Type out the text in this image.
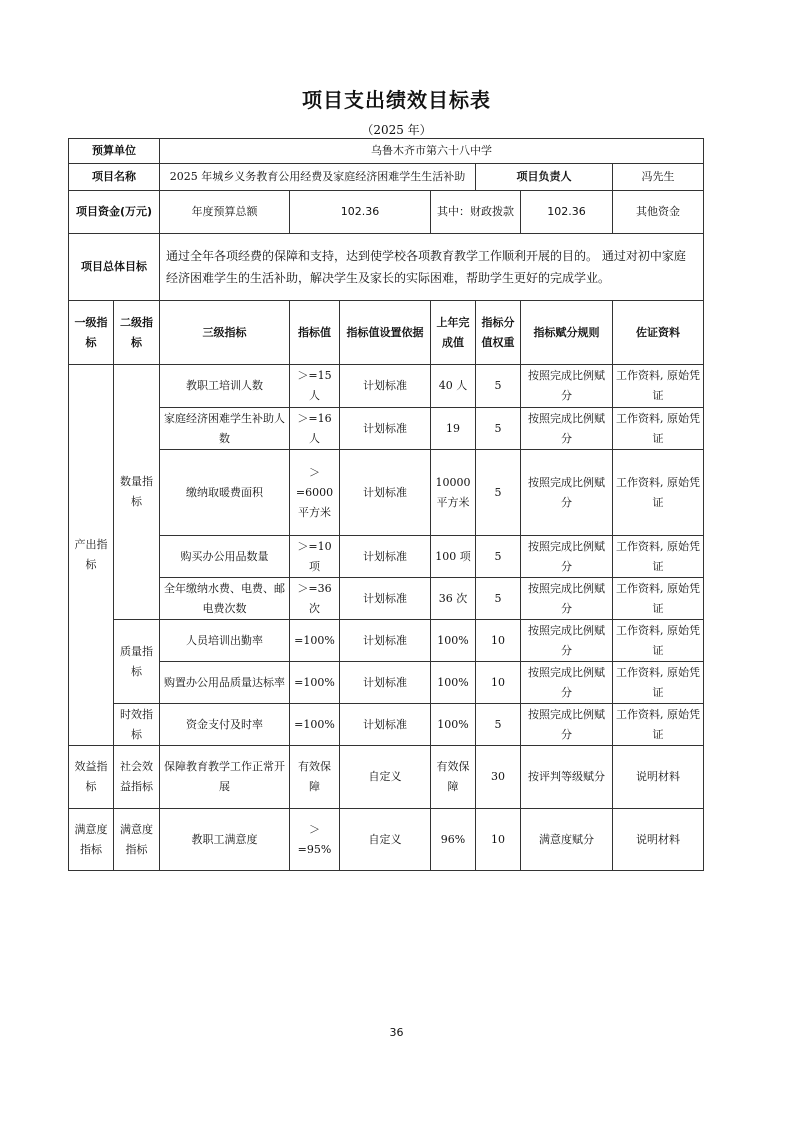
项目支出绩效目标表
（2025 年）
预算单位		乌鲁木齐市第六十八中学							
项目名称		2025 年城乡义务教育公用经费及家庭经济困难学生生活补助				项目负责人		冯先生	
项目资金(万元)		年度预算总额	102.36		其中：财政拨款		102.36	其他资金	
项目总体目标		通过全年各项经费的保障和支持，达到使学校各项教育教学工作顺利开展的目的。 通过对初中家庭经济困难学生的生活补助，解决学生及家长的实际困难，帮助学生更好的完成学业。							
一级指标	二级指标	三级指标	指标值	指标值设置依据	上年完成值	指标分值权重	指标赋分规则	佐证资料	
产出指标	数量指标	教职工培训人数	＞=15人	计划标准	40 人	5	按照完成比例赋分	工作资料, 原始凭证	
		家庭经济困难学生补助人数	＞=16人	计划标准	19	5	按照完成比例赋分	工作资料, 原始凭证	
		缴纳取暖费面积	＞=6000平方米	计划标准	10000平方米	5	按照完成比例赋分	工作资料, 原始凭证	
		购买办公用品数量	＞=10项	计划标准	100 项	5	按照完成比例赋分	工作资料, 原始凭证	
		全年缴纳水费、电费、邮电费次数	＞=36次	计划标准	36 次	5	按照完成比例赋分	工作资料, 原始凭证	
	质量指标	人员培训出勤率	=100%	计划标准	100%	10	按照完成比例赋分	工作资料, 原始凭证	
		购置办公用品质量达标率	=100%	计划标准	100%	10	按照完成比例赋分	工作资料, 原始凭证	
	时效指标	资金支付及时率	=100%	计划标准	100%	5	按照完成比例赋分	工作资料, 原始凭证	
效益指标	社会效益指标	保障教育教学工作正常开展	有效保障	自定义	有效保障	30	按评判等级赋分	说明材料	
满意度指标	满意度指标	教职工满意度	＞=95%	自定义	96%	10	满意度赋分	说明材料	
36
